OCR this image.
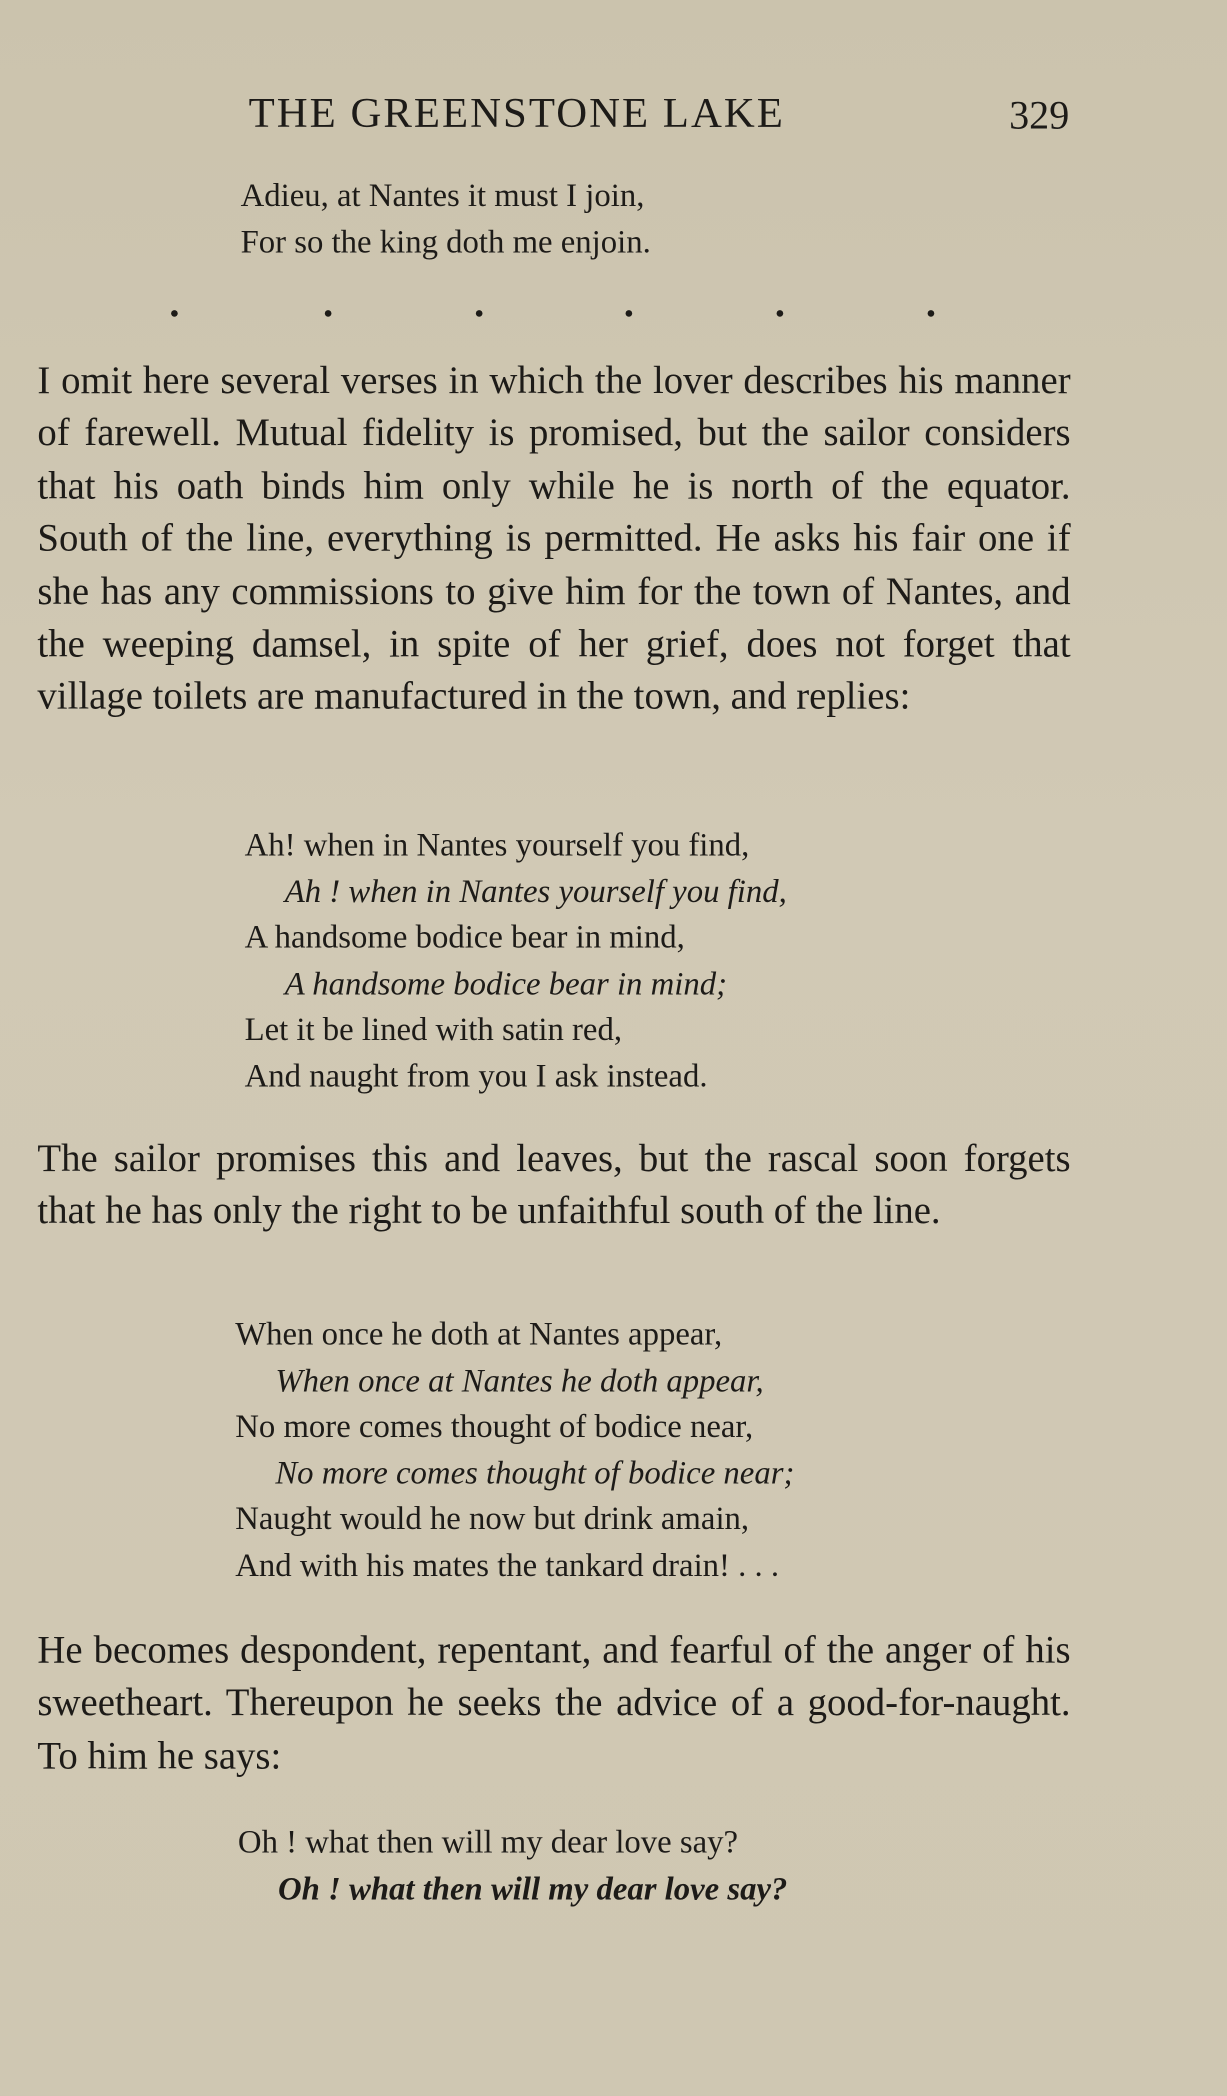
THE GREENSTONE LAKE	329
Adieu, at Nantes it must I join,
For so the king doth me enjoin.
I omit here several verses in which the lover describes his manner of farewell. Mutual fidelity is promised, but the sailor considers that his oath binds him only while he is north of the equator. South of the line, everything is permitted. He asks his fair one if she has any commissions to give him for the town of Nantes, and the weeping damsel, in spite of her grief, does not forget that village toilets are manufactured in the town, and replies:
Ah! when in Nantes yourself you find,
Ah ! when in Nantes yourself you find,
A handsome bodice bear in mind,
A handsome bodice bear in mind;
Let it be lined with satin red,
And naught from you I ask instead.
The sailor promises this and leaves, but the rascal soon forgets that he has only the right to be unfaithful south of the line.
When once he doth at Nantes appear,
When once at Nantes he doth appear,
No more comes thought of bodice near,
No more comes thought of bodice near;
Naught would he now but drink amain,
And with his mates the tankard drain! . . .
He becomes despondent, repentant, and fearful of the anger of his sweetheart. Thereupon he seeks the advice of a good-for-naught. To him he says:
Oh ! what then will my dear love say?
Oh ! what then will my dear love say?
